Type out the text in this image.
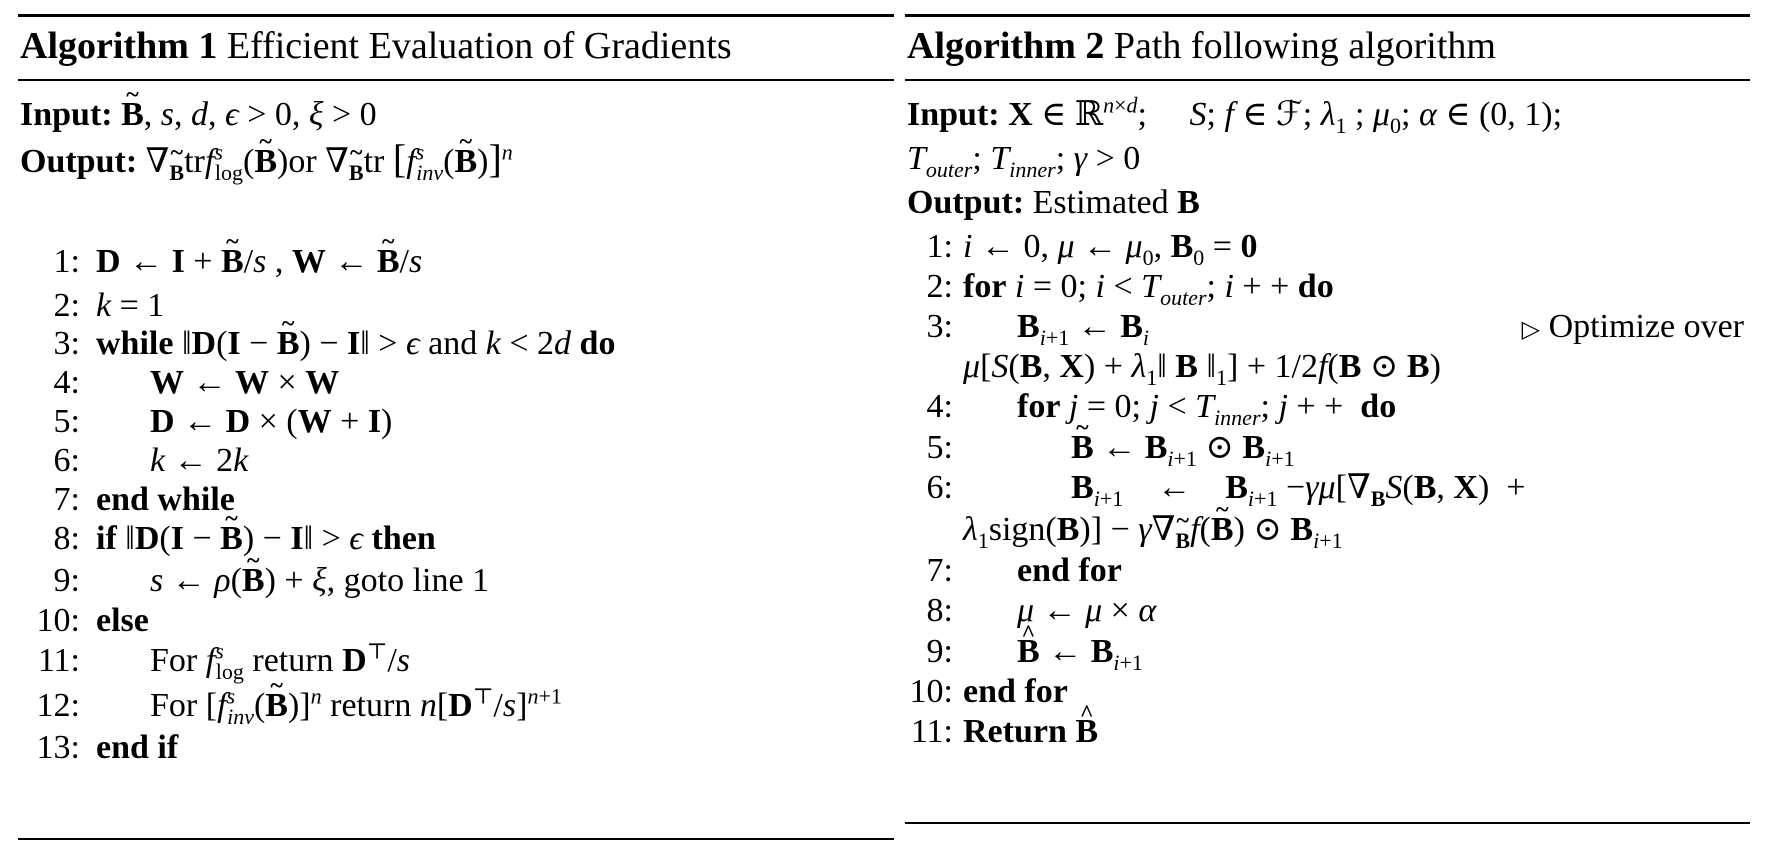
Algorithm 1 Efficient Evaluation of Gradients
Input: B ~, s, d, ϵ > 0, ξ > 0
Output: $\nabla_Btrf^s_{log}(B$ ~)or $\nabla_Btr$ [$f^s_{inv}(B$ ~)]$^n$
1: D ← I + B ~/s , W ← B ~/s
2: k = 1
3: while ‖D(I − B ~) − I‖ > ϵ and k < 2d do
4: W ← W × W
5: D ← D × (W + I)
6: k ← 2k
7: end while
8: if ‖D(I − B ~) − I‖ > ϵ then
9: s ← ρ(B ~) + ξ, goto line 1
10: else
11: For $f^s_{log}$ return D⊤/s
12: For [$f^s_{inv}(B$ ~)]$^n$ return $n[D^⊤/s]^{n+1}$
13: end if
Algorithm 2 Path following algorithm
Input: X ∈ ℝ$^{n\times d}$;     S; f ∈ ℱ; $\lambda_1$ ; $\mu_0$; α ∈ (0, 1);
$T_{outer}$; $T_{inner}$; γ > 0
Output: Estimated B
1: i ← 0, μ ← $\mu_0$, $B_0 = 0$
2: for i = 0; $i < T_{outer}$; i + + do
3: $B_{i+1}$ ← $B_i$	▷ Optimize over
μ[S(B, $X) + \lambda_1‖$ B $‖_1] + 1/2f(B$ ⊙ B)
4: for j = 0; $j < T_{inner}$; j + +  do
5:	B ~ ← $B_{i+1}$ ⊙ $B_{i+1}$
6:	$B_{i+1}$    ←    $B_{i+1} -\gamma\mu[\nabla_BS(B$, X)  +
$\lambda_1sign(B)] - \gamma\nabla_Bf(B$ ~) ⊙ $B_{i+1}$
7: end for
8: μ ← μ × α
9: B ^ ← $B_{i+1}$
10: end for
11: Return B ^
